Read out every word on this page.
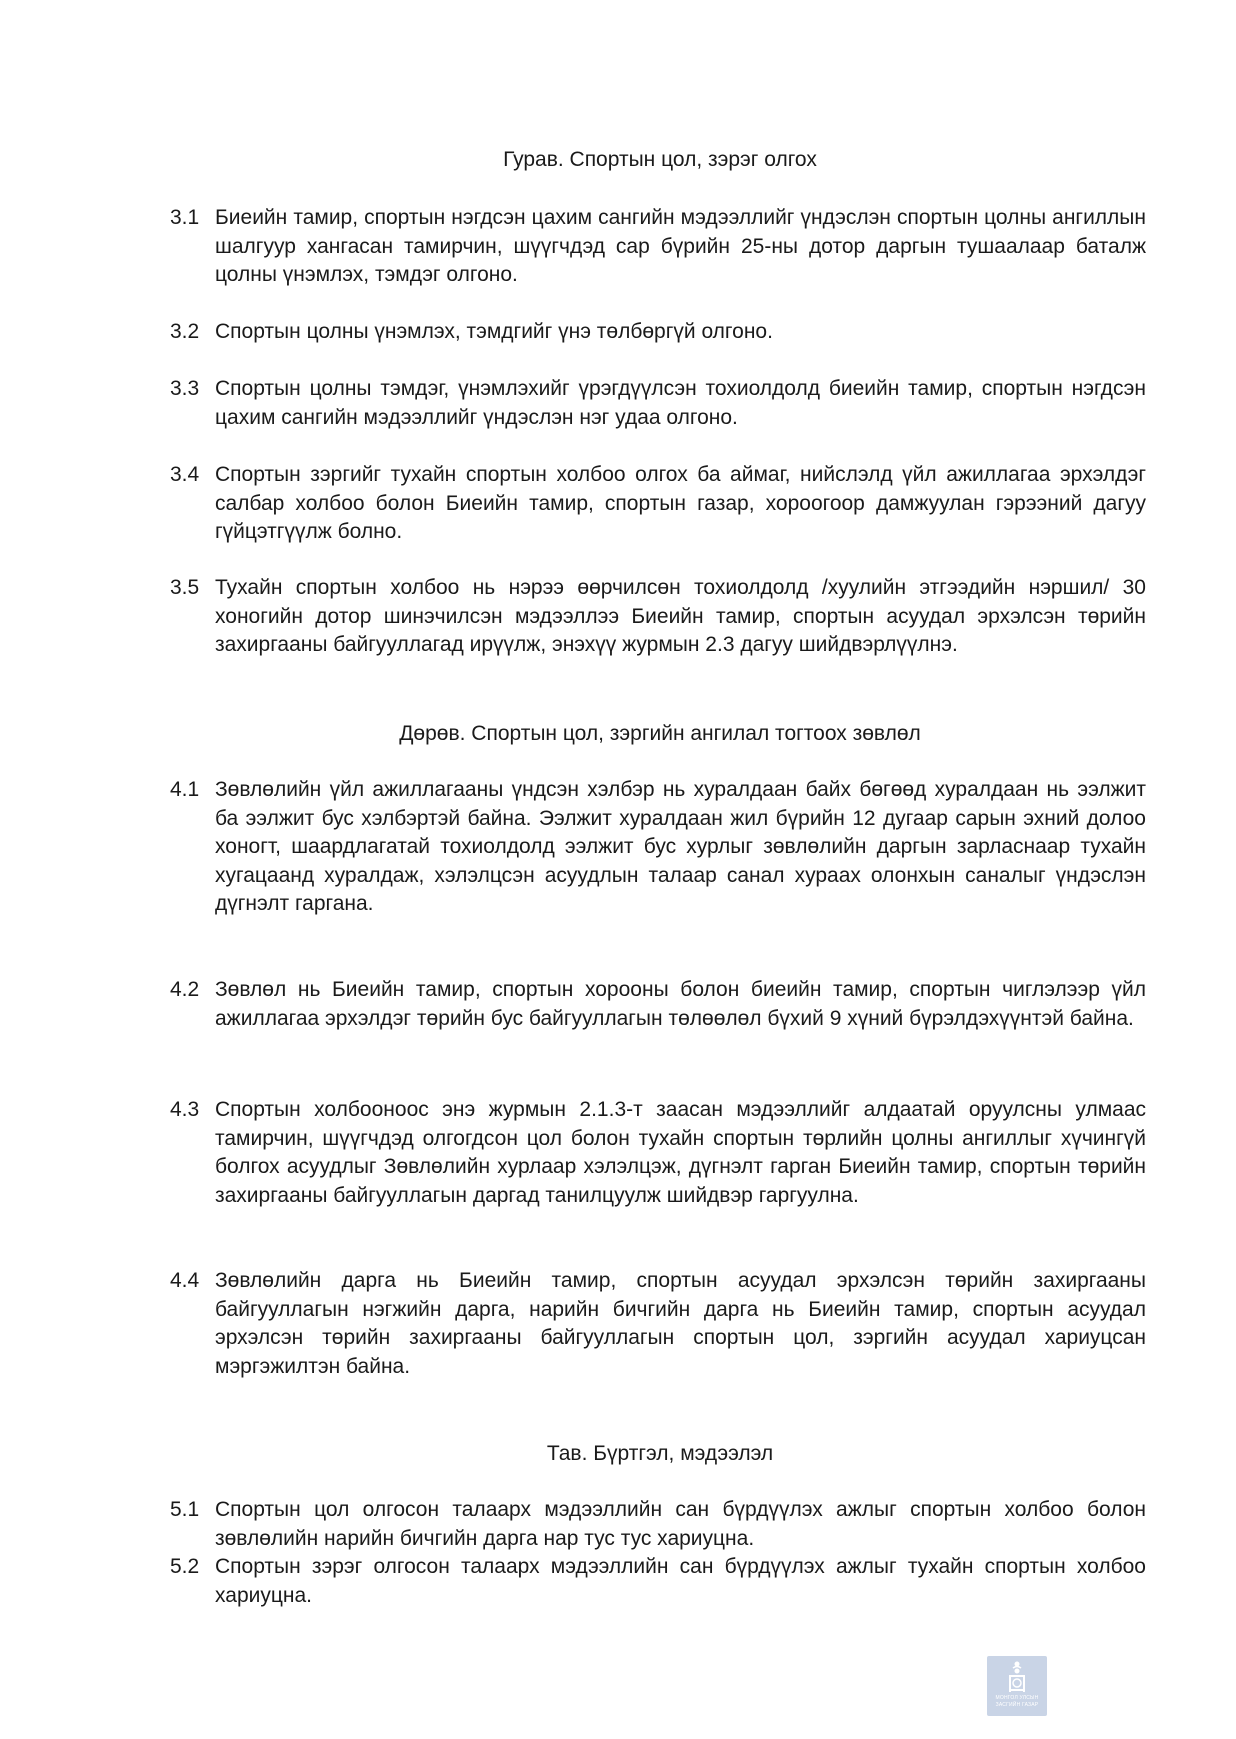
Гурав. Спортын цол, зэрэг олгох
3.1 Биеийн тамир, спортын нэгдсэн цахим сангийн мэдээллийг үндэслэн спортын цолны ангиллын шалгуур хангасан тамирчин, шүүгчдэд сар бүрийн 25-ны дотор даргын тушаалаар баталж цолны үнэмлэх, тэмдэг олгоно.
3.2 Спортын цолны үнэмлэх, тэмдгийг үнэ төлбөргүй олгоно.
3.3 Спортын цолны тэмдэг, үнэмлэхийг үрэгдүүлсэн тохиолдолд биеийн тамир, спортын нэгдсэн цахим сангийн мэдээллийг үндэслэн нэг удаа олгоно.
3.4 Спортын зэргийг тухайн спортын холбоо олгох ба аймаг, нийслэлд үйл ажиллагаа эрхэлдэг салбар холбоо болон Биеийн тамир, спортын газар, хороогоор дамжуулан гэрээний дагуу гүйцэтгүүлж болно.
3.5 Тухайн спортын холбоо нь нэрээ өөрчилсөн тохиолдолд /хуулийн этгээдийн нэршил/ 30 хоногийн дотор шинэчилсэн мэдээллээ Биеийн тамир, спортын асуудал эрхэлсэн төрийн захиргааны байгууллагад ирүүлж, энэхүү журмын 2.3 дагуу шийдвэрлүүлнэ.
Дөрөв. Спортын цол, зэргийн ангилал тогтоох зөвлөл
4.1 Зөвлөлийн үйл ажиллагааны үндсэн хэлбэр нь хуралдаан байх бөгөөд хуралдаан нь ээлжит ба ээлжит бус хэлбэртэй байна. Ээлжит хуралдаан жил бүрийн 12 дугаар сарын эхний долоо хоногт, шаардлагатай тохиолдолд ээлжит бус хурлыг зөвлөлийн даргын зарласнаар тухайн хугацаанд хуралдаж, хэлэлцсэн асуудлын талаар санал хураах олонхын саналыг үндэслэн дүгнэлт гаргана.
4.2 Зөвлөл нь Биеийн тамир, спортын хорооны болон биеийн тамир, спортын чиглэлээр үйл ажиллагаа эрхэлдэг төрийн бус байгууллагын төлөөлөл бүхий 9 хүний бүрэлдэхүүнтэй байна.
4.3 Спортын холбооноос энэ журмын 2.1.3-т заасан мэдээллийг алдаатай оруулсны улмаас тамирчин, шүүгчдэд олгогдсон цол болон тухайн спортын төрлийн цолны ангиллыг хүчингүй болгох асуудлыг Зөвлөлийн хурлаар хэлэлцэж, дүгнэлт гарган Биеийн тамир, спортын төрийн захиргааны байгууллагын даргад танилцуулж шийдвэр гаргуулна.
4.4 Зөвлөлийн дарга нь Биеийн тамир, спортын асуудал эрхэлсэн төрийн захиргааны байгууллагын нэгжийн дарга, нарийн бичгийн дарга нь Биеийн тамир, спортын асуудал эрхэлсэн төрийн захиргааны байгууллагын спортын цол, зэргийн асуудал хариуцсан мэргэжилтэн байна.
Тав. Бүртгэл, мэдээлэл
5.1 Спортын цол олгосон талаарх мэдээллийн сан бүрдүүлэх ажлыг спортын холбоо болон зөвлөлийн нарийн бичгийн дарга нар тус тус хариуцна.
5.2 Спортын зэрэг олгосон талаарх мэдээллийн сан бүрдүүлэх ажлыг тухайн спортын холбоо хариуцна.
МОНГОЛ УЛСЫН
ЗАСГИЙН ГАЗАР
